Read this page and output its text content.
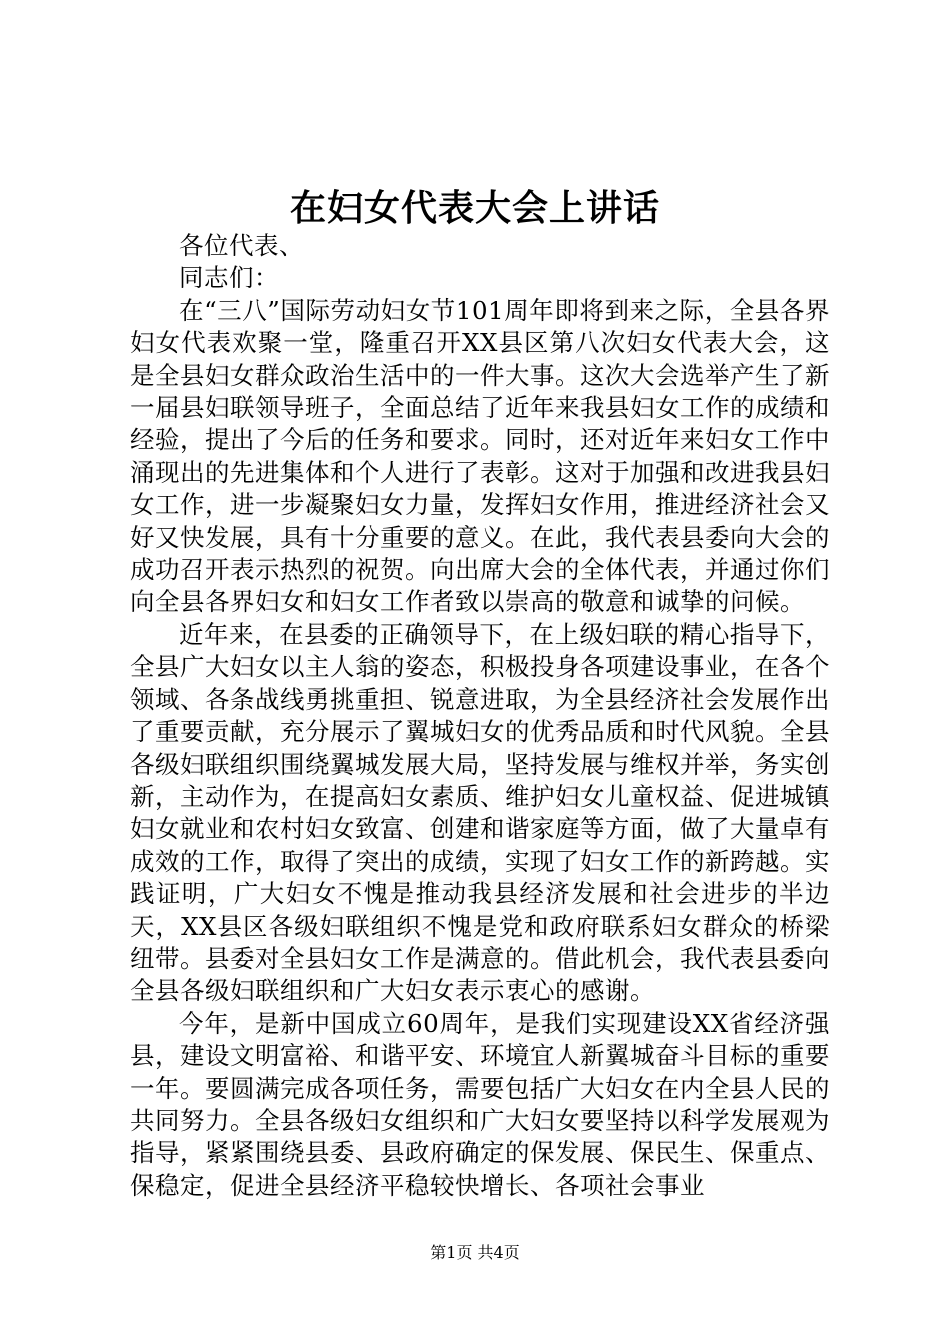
在妇女代表大会上讲话

各位代表、

同志们：

在“三八”国际劳动妇女节101周年即将到来之际，全县各界妇女代表欢聚一堂，隆重召开XX县区第八次妇女代表大会，这是全县妇女群众政治生活中的一件大事。这次大会选举产生了新一届县妇联领导班子，全面总结了近年来我县妇女工作的成绩和经验，提出了今后的任务和要求。同时，还对近年来妇女工作中涌现出的先进集体和个人进行了表彰。这对于加强和改进我县妇女工作，进一步凝聚妇女力量，发挥妇女作用，推进经济社会又好又快发展，具有十分重要的意义。在此，我代表县委向大会的成功召开表示热烈的祝贺。向出席大会的全体代表，并通过你们向全县各界妇女和妇女工作者致以崇高的敬意和诚挚的问候。

近年来，在县委的正确领导下，在上级妇联的精心指导下，全县广大妇女以主人翁的姿态，积极投身各项建设事业，在各个领域、各条战线勇挑重担、锐意进取，为全县经济社会发展作出了重要贡献，充分展示了翼城妇女的优秀品质和时代风貌。全县各级妇联组织围绕翼城发展大局，坚持发展与维权并举，务实创新，主动作为，在提高妇女素质、维护妇女儿童权益、促进城镇妇女就业和农村妇女致富、创建和谐家庭等方面，做了大量卓有成效的工作，取得了突出的成绩，实现了妇女工作的新跨越。实践证明，广大妇女不愧是推动我县经济发展和社会进步的半边天，XX县区各级妇联组织不愧是党和政府联系妇女群众的桥梁纽带。县委对全县妇女工作是满意的。借此机会，我代表县委向全县各级妇联组织和广大妇女表示衷心的感谢。

今年，是新中国成立60周年，是我们实现建设XX省经济强县，建设文明富裕、和谐平安、环境宜人新翼城奋斗目标的重要一年。要圆满完成各项任务，需要包括广大妇女在内全县人民的共同努力。全县各级妇女组织和广大妇女要坚持以科学发展观为指导，紧紧围绕县委、县政府确定的保发展、保民生、保重点、保稳定，促进全县经济平稳较快增长、各项社会事业

第1页 共4页
